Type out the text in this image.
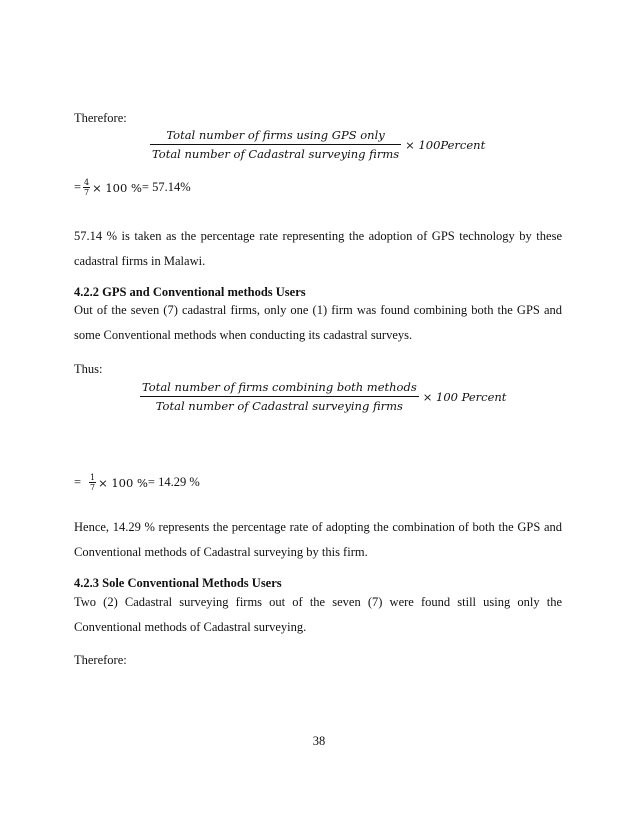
Therefore:
$\frac{\text{Total number of firms using GPS only}}{\text{Total number of Cadastral surveying firms}}$ × 100Percent
= $\frac{4}{7} \times 100$ % = 57.14%
57.14 % is taken as the percentage rate representing the adoption of GPS technology by these cadastral firms in Malawi.
4.2.2 GPS and Conventional methods Users
Out of the seven (7) cadastral firms, only one (1) firm was found combining both the GPS and some Conventional methods when conducting its cadastral surveys.
Thus:
$\frac{\text{Total number of firms combining both methods}}{\text{Total number of Cadastral surveying firms}} \times 100$ Percent
= $\frac{1}{7} \times 100$ % = 14.29 %
Hence, 14.29 % represents the percentage rate of adopting the combination of both the GPS and Conventional methods of Cadastral surveying by this firm.
4.2.3 Sole Conventional Methods Users
Two (2) Cadastral surveying firms out of the seven (7) were found still using only the Conventional methods of Cadastral surveying.
Therefore:
38
